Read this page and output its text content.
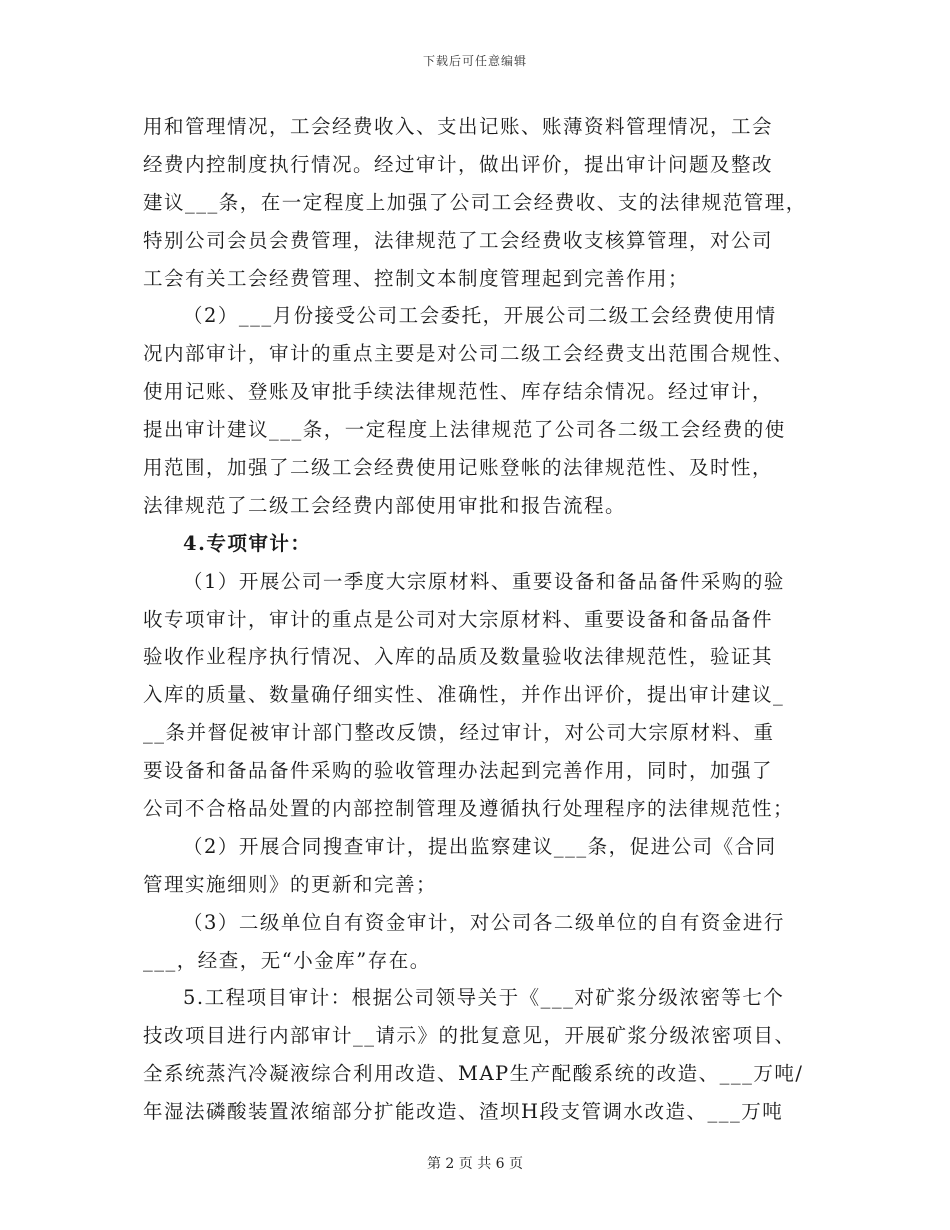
下载后可任意编辑
用和管理情况，工会经费收入、支出记账、账薄资料管理情况，工会
经费内控制度执行情况。经过审计，做出评价，提出审计问题及整改
建议___条，在一定程度上加强了公司工会经费收、支的法律规范管理，
特别公司会员会费管理，法律规范了工会经费收支核算管理，对公司
工会有关工会经费管理、控制文本制度管理起到完善作用；
（2）___月份接受公司工会委托，开展公司二级工会经费使用情
况内部审计，审计的重点主要是对公司二级工会经费支出范围合规性、
使用记账、登账及审批手续法律规范性、库存结余情况。经过审计，
提出审计建议___条，一定程度上法律规范了公司各二级工会经费的使
用范围，加强了二级工会经费使用记账登帐的法律规范性、及时性，
法律规范了二级工会经费内部使用审批和报告流程。
4.专项审计：
（1）开展公司一季度大宗原材料、重要设备和备品备件采购的验
收专项审计，审计的重点是公司对大宗原材料、重要设备和备品备件
验收作业程序执行情况、入库的品质及数量验收法律规范性，验证其
入库的质量、数量确仔细实性、准确性，并作出评价，提出审计建议_
__条并督促被审计部门整改反馈，经过审计，对公司大宗原材料、重
要设备和备品备件采购的验收管理办法起到完善作用，同时，加强了
公司不合格品处置的内部控制管理及遵循执行处理程序的法律规范性；
（2）开展合同搜查审计，提出监察建议___条，促进公司《合同
管理实施细则》的更新和完善；
（3）二级单位自有资金审计，对公司各二级单位的自有资金进行
___，经查，无“小金库”存在。
5.工程项目审计：根据公司领导关于《___对矿浆分级浓密等七个
技改项目进行内部审计__请示》的批复意见，开展矿浆分级浓密项目、
全系统蒸汽冷凝液综合利用改造、MAP生产配酸系统的改造、___万吨/
年湿法磷酸装置浓缩部分扩能改造、渣坝H段支管调水改造、___万吨
第 2 页 共 6 页
